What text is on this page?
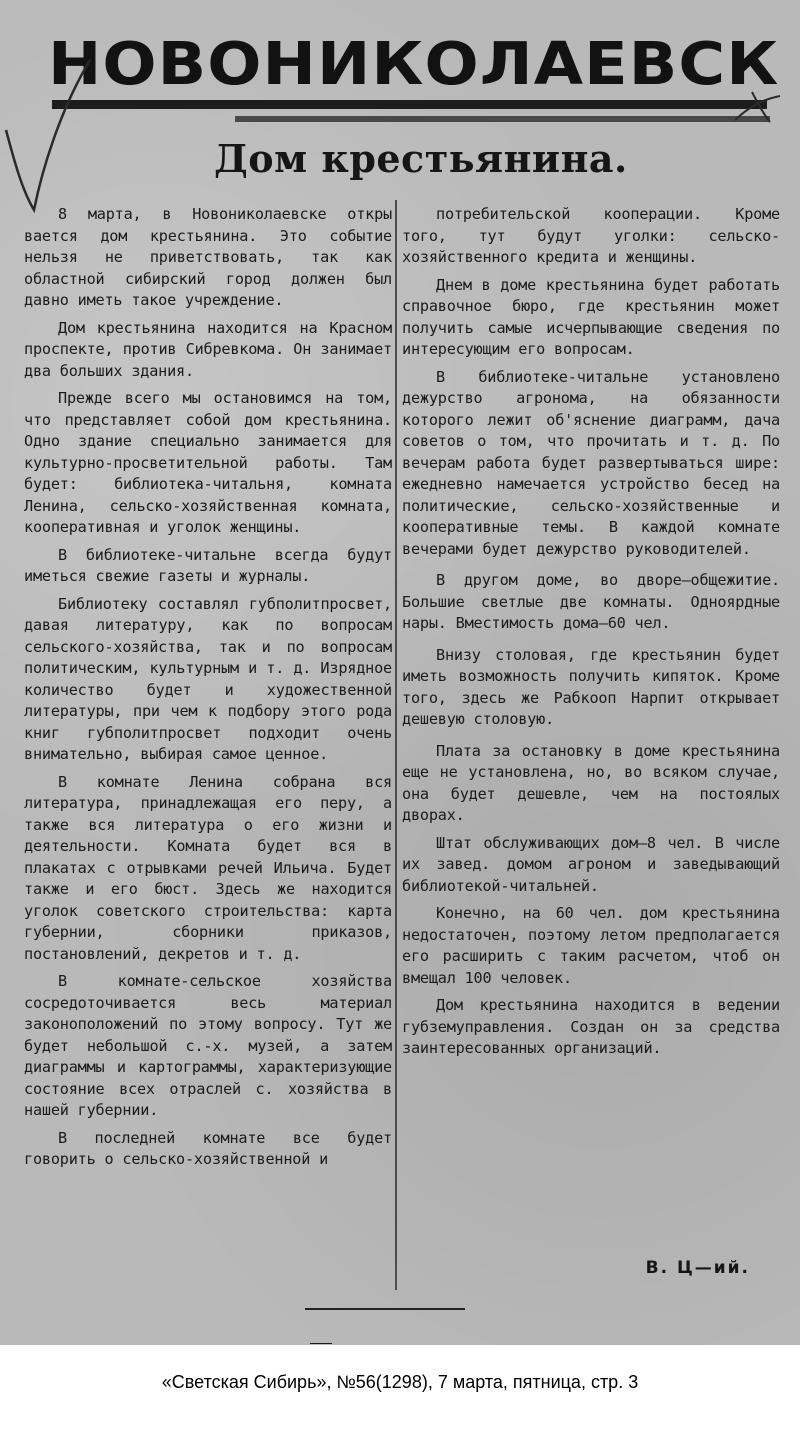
НОВОНИКОЛАЕВСК
Дом крестьянина.

8 марта, в Новониколаевске откры вается дом крестьянина. Это событие нельзя не приветствовать, так как областной сибирский город должен был давно иметь такое учреждение.

Дом крестьянина находится на Красном проспекте, против Сибревкома. Он занимает два больших здания.

Прежде всего мы остановимся на том, что представляет собой дом крестьянина. Одно здание специально занимается для культурно-просветительной работы. Там будет: библиотека-читальня, комната Ленина, сельско-хозяйственная комната, кооперативная и уголок женщины.

В библиотеке-читальне всегда будут иметься свежие газеты и журналы.

Библиотеку составлял губполитпросвет, давая литературу, как по вопросам сельского-хозяйства, так и по вопросам политическим, культурным и т. д. Изрядное количество будет и художественной литературы, при чем к подбору этого рода книг губполитпросвет подходит очень внимательно, выбирая самое ценное.

В комнате Ленина собрана вся литература, принадлежащая его перу, а также вся литература о его жизни и деятельности. Комната будет вся в плакатах с отрывками речей Ильича. Будет также и его бюст. Здесь же находится уголок советского строительства: карта губернии, сборники приказов, постановлений, декретов и т. д.

В комнате-сельское хозяйства сосредоточивается весь материал законоположений по этому вопросу. Тут же будет небольшой с.-х. музей, а затем диаграммы и картограммы, характеризующие состояние всех отраслей с. хозяйства в нашей губернии.

В последней комнате все будет говорить о сельско-хозяйственной и

потребительской кооперации. Кроме того, тут будут уголки: сельско-хозяйственного кредита и женщины.

Днем в доме крестьянина будет работать справочное бюро, где крестьянин может получить самые исчерпывающие сведения по интересующим его вопросам.

В библиотеке-читальне установлено дежурство агронома, на обязанности которого лежит об'яснение диаграмм, дача советов о том, что прочитать и т. д. По вечерам работа будет развертываться шире: ежедневно намечается устройство бесед на политические, сельско-хозяйственные и кооперативные темы. В каждой комнате вечерами будет дежурство руководителей.

В другом доме, во дворе—общежитие. Большие светлые две комнаты. Одноярдные нары. Вместимость дома—60 чел.

Внизу столовая, где крестьянин будет иметь возможность получить кипяток. Кроме того, здесь же Рабкооп Нарпит открывает дешевую столовую.

Плата за остановку в доме крестьянина еще не установлена, но, во всяком случае, она будет дешевле, чем на постоялых дворах.

Штат обслуживающих дом—8 чел. В числе их завед. домом агроном и заведывающий библиотекой-читальней.

Конечно, на 60 чел. дом крестьянина недостаточен, поэтому летом предполагается его расширить с таким расчетом, чтоб он вмещал 100 человек.

Дом крестьянина находится в ведении губземуправления. Создан он за средства заинтересованных организаций.

В. Ц—ий.
«Светская Сибирь», №56(1298), 7 марта, пятница, стр. 3
